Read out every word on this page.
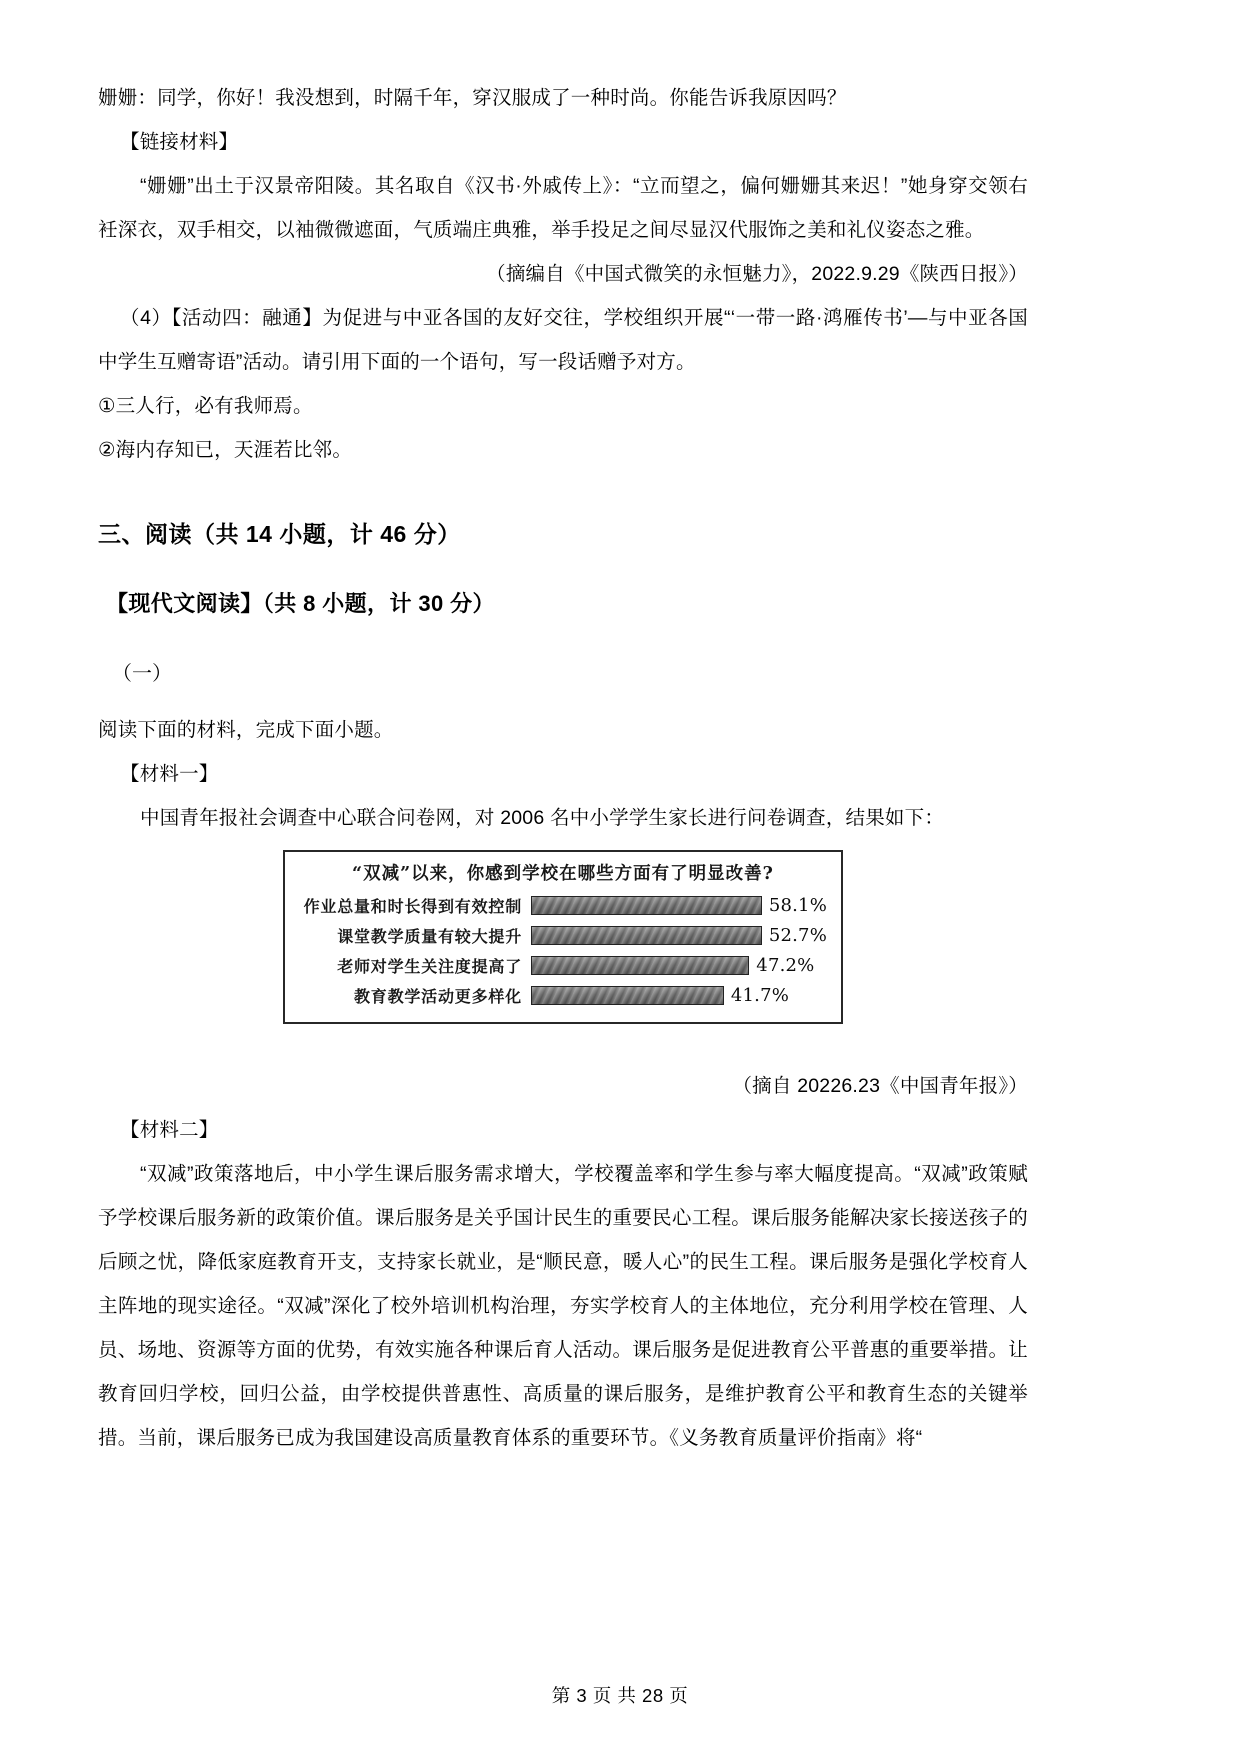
姗姗：同学，你好！我没想到，时隔千年，穿汉服成了一种时尚。你能告诉我原因吗？

【链接材料】

“姗姗”出土于汉景帝阳陵。其名取自《汉书·外戚传上》：“立而望之，偏何姗姗其来迟！”她身穿交领右衽深衣，双手相交，以袖微微遮面，气质端庄典雅，举手投足之间尽显汉代服饰之美和礼仪姿态之雅。

（摘编自《中国式微笑的永恒魅力》，2022.9.29《陕西日报》）

（4）【活动四：融通】为促进与中亚各国的友好交往，学校组织开展“‘一带一路·鸿雁传书’—与中亚各国中学生互赠寄语”活动。请引用下面的一个语句，写一段话赠予对方。

①三人行，必有我师焉。

②海内存知已，天涯若比邻。

三、阅读（共 14 小题，计 46 分）
【现代文阅读】（共 8 小题，计 30 分）

（一）

阅读下面的材料，完成下面小题。

【材料一】

中国青年报社会调查中心联合问卷网，对 2006 名中小学学生家长进行问卷调查，结果如下：

“双减”以来，你感到学校在哪些方面有了明显改善?
作业总量和时长得到有效控制	58.1%
课堂教学质量有较大提升	52.7%
老师对学生关注度提高了	47.2%
教育教学活动更多样化	41.7%

（摘自 20226.23《中国青年报》）

【材料二】

“双减”政策落地后，中小学生课后服务需求增大，学校覆盖率和学生参与率大幅度提高。“双减”政策赋予学校课后服务新的政策价值。课后服务是关乎国计民生的重要民心工程。课后服务能解决家长接送孩子的后顾之忧，降低家庭教育开支，支持家长就业，是“顺民意，暖人心”的民生工程。课后服务是强化学校育人主阵地的现实途径。“双减”深化了校外培训机构治理，夯实学校育人的主体地位，充分利用学校在管理、人员、场地、资源等方面的优势，有效实施各种课后育人活动。课后服务是促进教育公平普惠的重要举措。让教育回归学校，回归公益，由学校提供普惠性、高质量的课后服务，是维护教育公平和教育生态的关键举措。当前，课后服务已成为我国建设高质量教育体系的重要环节。《义务教育质量评价指南》将“

第 3 页 共 28 页
